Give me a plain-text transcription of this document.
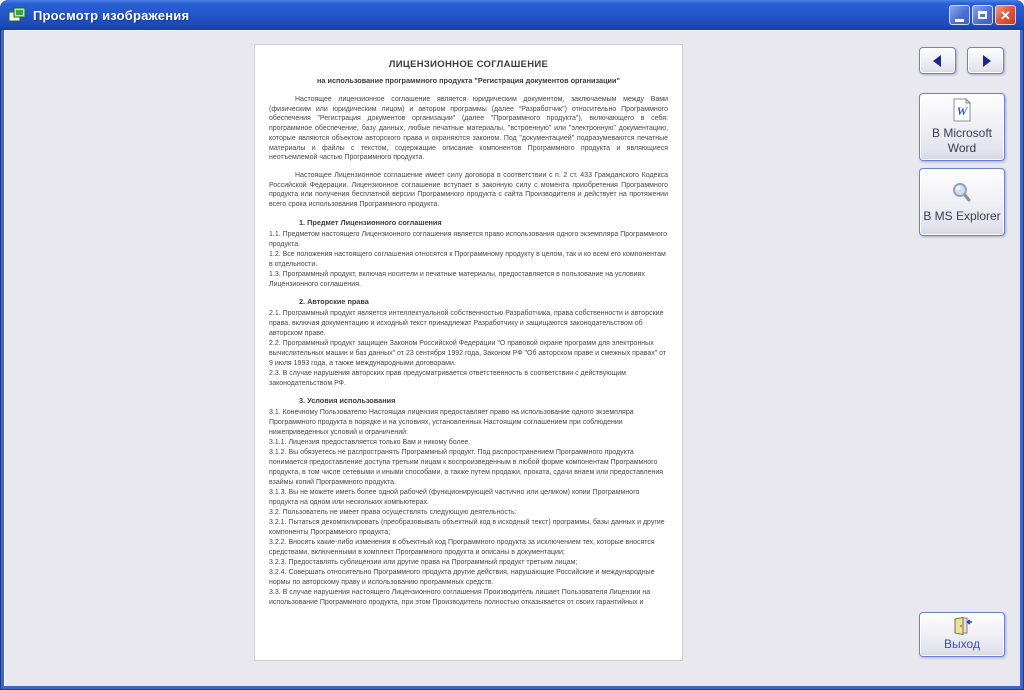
Просмотр изображения	✕
ЛИЦЕНЗИОННОЕ СОГЛАШЕНИЕ
на использование программного продукта "Регистрация документов организации"
Настоящее лицензионное соглашение является юридическим документом, заключаемым между Вами (физическим или юридическим лицом) и автором программы (далее "Разработчик") относительно Программного обеспечения "Регистрация документов организации" (далее "Программного продукта"), включающего в себя: программное обеспечение, базу данных, любые печатные материалы, "встроенную" или "электронную" документацию, которые являются объектом авторского права и охраняются законом. Под "документацией" подразумеваются печатные материалы и файлы с текстом, содержащие описание компонентов Программного продукта и являющиеся неотъемлемой частью Программного продукта.
Настоящее Лицензионное соглашение имеет силу договора в соответствии с п. 2 ст. 433 Гражданского Кодекса Российской Федерации. Лицензионное соглашение вступает в законную силу с момента приобретения Программного продукта или получения бесплатной версии Программного продукта с сайта Производителя и действует на протяжении всего срока использования Программного продукта.
1. Предмет Лицензионного соглашения
1.1. Предметом настоящего Лицензионного соглашения является право использования одного экземпляра Программного продукта.
1.2. Все положения настоящего соглашения относятся к Программному продукту в целом, так и ко всем его компонентам в отдельности.
1.3. Программный продукт, включая носители и печатные материалы, предоставляется в пользование на условиях Лицензионного соглашения.
2. Авторские права
2.1. Программный продукт является интеллектуальной собственностью Разработчика, права собственности и авторские права, включая документацию и исходный текст принадлежат Разработчику и защищаются законодательством об авторском праве.
2.2. Программный продукт защищен Законом Российской Федерации "О правовой охране программ для электронных вычислительных машин и баз данных" от 23 сентября 1992 года, Законом РФ "Об авторском праве и смежных правах" от 9 июля 1993 года, а также международными договорами.
2.3. В случае нарушения авторских прав предусматривается ответственность в соответствии с действующим законодательством РФ.
3. Условия использования
3.1. Конечному Пользователю Настоящая лицензия предоставляет право на использование одного экземпляра Программного продукта в порядке и на условиях, установленных Настоящим соглашением при соблюдении нижеприведенных условий и ограничений:
3.1.1. Лицензия предоставляется только Вам и никому более.
3.1.2. Вы обязуетесь не распространять Программный продукт. Под распространением Программного продукта понимается предоставление доступа третьим лицам к воспроизведенным в любой форме компонентам Программного продукта, в том числе сетевыми и иными способами, а также путем продажи, проката, сдачи внаем или предоставления взаймы копий Программного продукта.
3.1.3. Вы не можете иметь более одной рабочей (функционирующей частично или целиком) копии Программного продукта на одном или нескольких компьютерах.
3.2. Пользователь не имеет права осуществлять следующую деятельность:
3.2.1. Пытаться декомпилировать (преобразовывать объектный код в исходный текст) программы, базы данных и другие компоненты Программного продукта;
3.2.2. Вносить какие-либо изменения в объектный код Программного продукта за исключением тех, которые вносятся средствами, включенными в комплект Программного продукта и описаны в документации;
3.2.3. Предоставлять сублицензии или другие права на Программный продукт третьим лицам;
3.2.4. Совершать относительно Программного продукта другие действия, нарушающие Российские и международные нормы по авторскому праву и использованию программных средств.
3.3. В случае нарушения настоящего Лицензионного соглашения Производитель лишает Пользователя Лицензии на использование Программного продукта, при этом Производитель полностью отказывается от своих гарантийных и
W
В Microsoft Word
В MS Explorer
Выход
